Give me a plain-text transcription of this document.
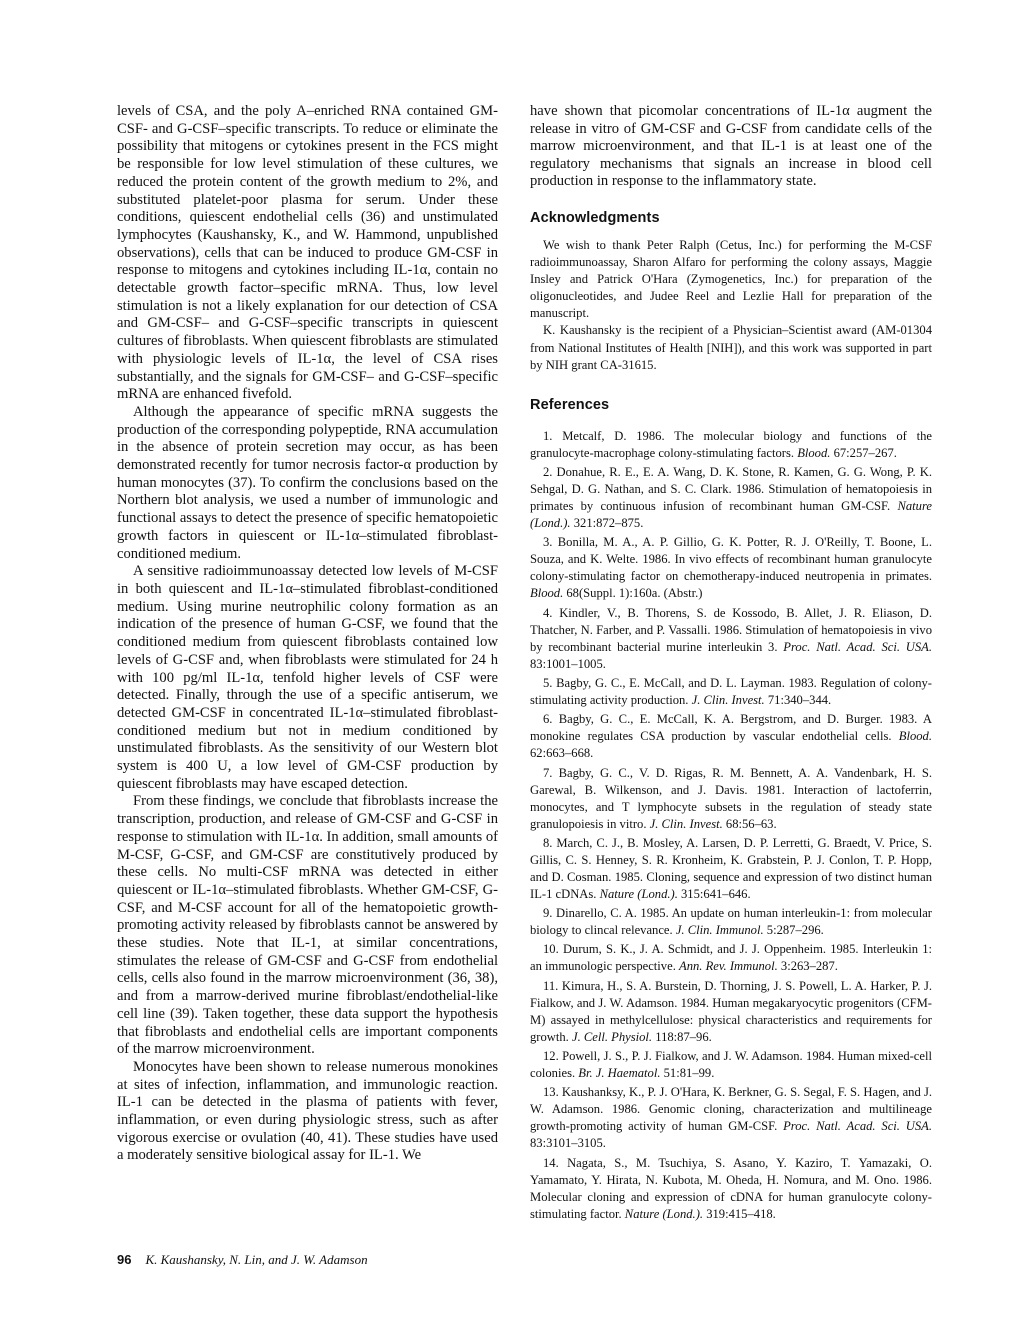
levels of CSA, and the poly A–enriched RNA contained GM-CSF- and G-CSF–specific transcripts. To reduce or eliminate the possibility that mitogens or cytokines present in the FCS might be responsible for low level stimulation of these cultures, we reduced the protein content of the growth medium to 2%, and substituted platelet-poor plasma for serum. Under these conditions, quiescent endothelial cells (36) and unstimulated lymphocytes (Kaushansky, K., and W. Hammond, unpublished observations), cells that can be induced to produce GM-CSF in response to mitogens and cytokines including IL-1α, contain no detectable growth factor–specific mRNA. Thus, low level stimulation is not a likely explanation for our detection of CSA and GM-CSF– and G-CSF–specific transcripts in quiescent cultures of fibroblasts. When quiescent fibroblasts are stimulated with physiologic levels of IL-1α, the level of CSA rises substantially, and the signals for GM-CSF– and G-CSF–specific mRNA are enhanced fivefold.

Although the appearance of specific mRNA suggests the production of the corresponding polypeptide, RNA accumulation in the absence of protein secretion may occur, as has been demonstrated recently for tumor necrosis factor-α production by human monocytes (37). To confirm the conclusions based on the Northern blot analysis, we used a number of immunologic and functional assays to detect the presence of specific hematopoietic growth factors in quiescent or IL-1α–stimulated fibroblast-conditioned medium.

A sensitive radioimmunoassay detected low levels of M-CSF in both quiescent and IL-1α–stimulated fibroblast-conditioned medium. Using murine neutrophilic colony formation as an indication of the presence of human G-CSF, we found that the conditioned medium from quiescent fibroblasts contained low levels of G-CSF and, when fibroblasts were stimulated for 24 h with 100 pg/ml IL-1α, tenfold higher levels of CSF were detected. Finally, through the use of a specific antiserum, we detected GM-CSF in concentrated IL-1α–stimulated fibroblast-conditioned medium but not in medium conditioned by unstimulated fibroblasts. As the sensitivity of our Western blot system is 400 U, a low level of GM-CSF production by quiescent fibroblasts may have escaped detection.

From these findings, we conclude that fibroblasts increase the transcription, production, and release of GM-CSF and G-CSF in response to stimulation with IL-1α. In addition, small amounts of M-CSF, G-CSF, and GM-CSF are constitutively produced by these cells. No multi-CSF mRNA was detected in either quiescent or IL-1α–stimulated fibroblasts. Whether GM-CSF, G-CSF, and M-CSF account for all of the hematopoietic growth-promoting activity released by fibroblasts cannot be answered by these studies. Note that IL-1, at similar concentrations, stimulates the release of GM-CSF and G-CSF from endothelial cells, cells also found in the marrow microenvironment (36, 38), and from a marrow-derived murine fibroblast/endothelial-like cell line (39). Taken together, these data support the hypothesis that fibroblasts and endothelial cells are important components of the marrow microenvironment.

Monocytes have been shown to release numerous monokines at sites of infection, inflammation, and immunologic reaction. IL-1 can be detected in the plasma of patients with fever, inflammation, or even during physiologic stress, such as after vigorous exercise or ovulation (40, 41). These studies have used a moderately sensitive biological assay for IL-1. We

have shown that picomolar concentrations of IL-1α augment the release in vitro of GM-CSF and G-CSF from candidate cells of the marrow microenvironment, and that IL-1 is at least one of the regulatory mechanisms that signals an increase in blood cell production in response to the inflammatory state.

Acknowledgments

We wish to thank Peter Ralph (Cetus, Inc.) for performing the M-CSF radioimmunoassay, Sharon Alfaro for performing the colony assays, Maggie Insley and Patrick O'Hara (Zymogenetics, Inc.) for preparation of the oligonucleotides, and Judee Reel and Lezlie Hall for preparation of the manuscript.

K. Kaushansky is the recipient of a Physician–Scientist award (AM-01304 from National Institutes of Health [NIH]), and this work was supported in part by NIH grant CA-31615.

References
1. Metcalf, D. 1986. The molecular biology and functions of the granulocyte-macrophage colony-stimulating factors. Blood. 67:257–267.
2. Donahue, R. E., E. A. Wang, D. K. Stone, R. Kamen, G. G. Wong, P. K. Sehgal, D. G. Nathan, and S. C. Clark. 1986. Stimulation of hematopoiesis in primates by continuous infusion of recombinant human GM-CSF. Nature (Lond.). 321:872–875.
3. Bonilla, M. A., A. P. Gillio, G. K. Potter, R. J. O'Reilly, T. Boone, L. Souza, and K. Welte. 1986. In vivo effects of recombinant human granulocyte colony-stimulating factor on chemotherapy-induced neutropenia in primates. Blood. 68(Suppl. 1):160a. (Abstr.)
4. Kindler, V., B. Thorens, S. de Kossodo, B. Allet, J. R. Eliason, D. Thatcher, N. Farber, and P. Vassalli. 1986. Stimulation of hematopoiesis in vivo by recombinant bacterial murine interleukin 3. Proc. Natl. Acad. Sci. USA. 83:1001–1005.
5. Bagby, G. C., E. McCall, and D. L. Layman. 1983. Regulation of colony-stimulating activity production. J. Clin. Invest. 71:340–344.
6. Bagby, G. C., E. McCall, K. A. Bergstrom, and D. Burger. 1983. A monokine regulates CSA production by vascular endothelial cells. Blood. 62:663–668.
7. Bagby, G. C., V. D. Rigas, R. M. Bennett, A. A. Vandenbark, H. S. Garewal, B. Wilkenson, and J. Davis. 1981. Interaction of lactoferrin, monocytes, and T lymphocyte subsets in the regulation of steady state granulopoiesis in vitro. J. Clin. Invest. 68:56–63.
8. March, C. J., B. Mosley, A. Larsen, D. P. Lerretti, G. Braedt, V. Price, S. Gillis, C. S. Henney, S. R. Kronheim, K. Grabstein, P. J. Conlon, T. P. Hopp, and D. Cosman. 1985. Cloning, sequence and expression of two distinct human IL-1 cDNAs. Nature (Lond.). 315:641–646.
9. Dinarello, C. A. 1985. An update on human interleukin-1: from molecular biology to clincal relevance. J. Clin. Immunol. 5:287–296.
10. Durum, S. K., J. A. Schmidt, and J. J. Oppenheim. 1985. Interleukin 1: an immunologic perspective. Ann. Rev. Immunol. 3:263–287.
11. Kimura, H., S. A. Burstein, D. Thorning, J. S. Powell, L. A. Harker, P. J. Fialkow, and J. W. Adamson. 1984. Human megakaryocytic progenitors (CFM-M) assayed in methylcellulose: physical characteristics and requirements for growth. J. Cell. Physiol. 118:87–96.
12. Powell, J. S., P. J. Fialkow, and J. W. Adamson. 1984. Human mixed-cell colonies. Br. J. Haematol. 51:81–99.
13. Kaushanksy, K., P. J. O'Hara, K. Berkner, G. S. Segal, F. S. Hagen, and J. W. Adamson. 1986. Genomic cloning, characterization and multilineage growth-promoting activity of human GM-CSF. Proc. Natl. Acad. Sci. USA. 83:3101–3105.
14. Nagata, S., M. Tsuchiya, S. Asano, Y. Kaziro, T. Yamazaki, O. Yamamato, Y. Hirata, N. Kubota, M. Oheda, H. Nomura, and M. Ono. 1986. Molecular cloning and expression of cDNA for human granulocyte colony-stimulating factor. Nature (Lond.). 319:415–418.
96 K. Kaushansky, N. Lin, and J. W. Adamson
